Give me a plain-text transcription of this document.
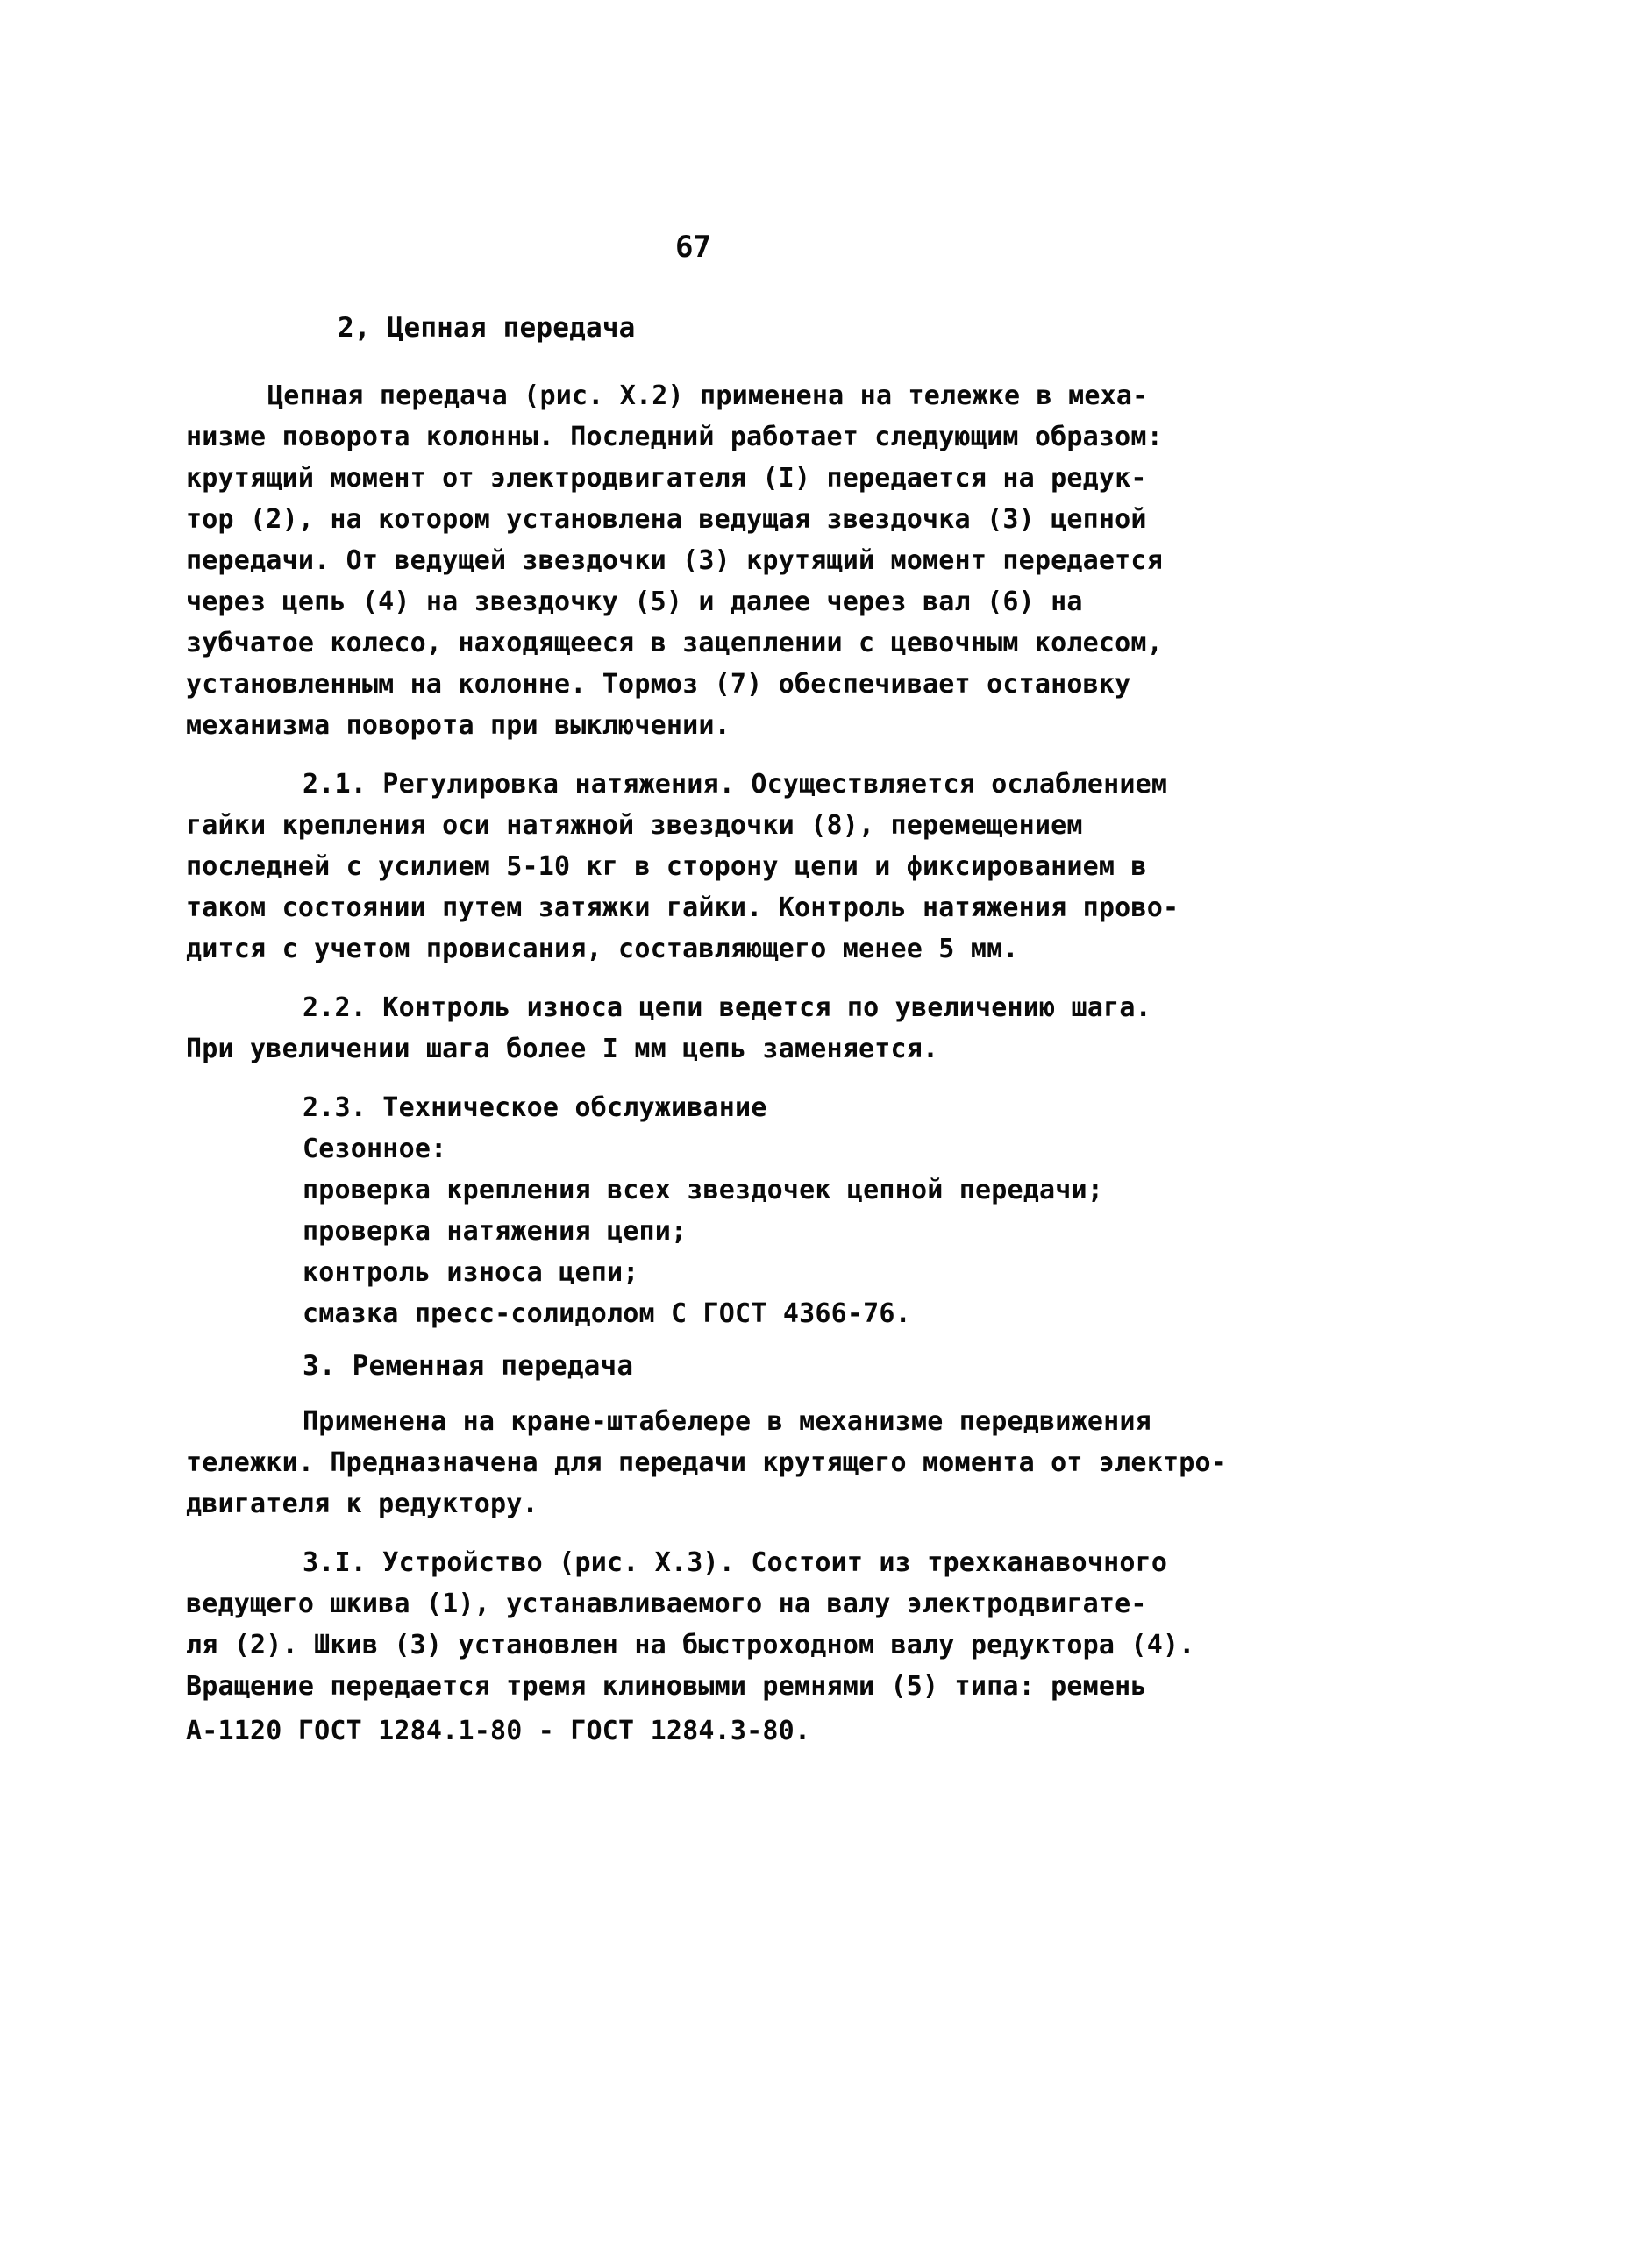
67
2, Цепная передача
Цепная передача (рис. X.2) применена на тележке в меха-
низме поворота колонны. Последний работает следующим образом:
крутящий момент от электродвигателя (I) передается на редук-
тор (2), на котором установлена ведущая звездочка (3) цепной
передачи. От ведущей звездочки (3) крутящий момент передается
через цепь (4) на звездочку (5) и далее через вал (6) на
зубчатое колесо, находящееся в зацеплении с цевочным колесом,
установленным на колонне. Тормоз (7) обеспечивает остановку
механизма поворота при выключении.
2.1. Регулировка натяжения. Осуществляется ослаблением
гайки крепления оси натяжной звездочки (8), перемещением
последней с усилием 5-10 кг в сторону цепи и фиксированием в
таком состоянии путем затяжки гайки. Контроль натяжения прово-
дится с учетом провисания, составляющего менее 5 мм.
2.2. Контроль износа цепи ведется по увеличению шага.
При увеличении шага более I мм цепь заменяется.
2.3. Техническое обслуживание
Сезонное:
проверка крепления всех звездочек цепной передачи;
проверка натяжения цепи;
контроль износа цепи;
смазка пресс-солидолом С ГОСТ 4366-76.
3. Ременная передача
Применена на кране-штабелере в механизме передвижения
тележки. Предназначена для передачи крутящего момента от электро-
двигателя к редуктору.
3.I. Устройство (рис. X.3). Состоит из трехканавочного
ведущего шкива (1), устанавливаемого на валу электродвигате-
ля (2). Шкив (3) установлен на быстроходном валу редуктора (4).
Вращение передается тремя клиновыми ремнями (5) типа: ремень
А-1120 ГОСТ 1284.1-80 - ГОСТ 1284.3-80.
